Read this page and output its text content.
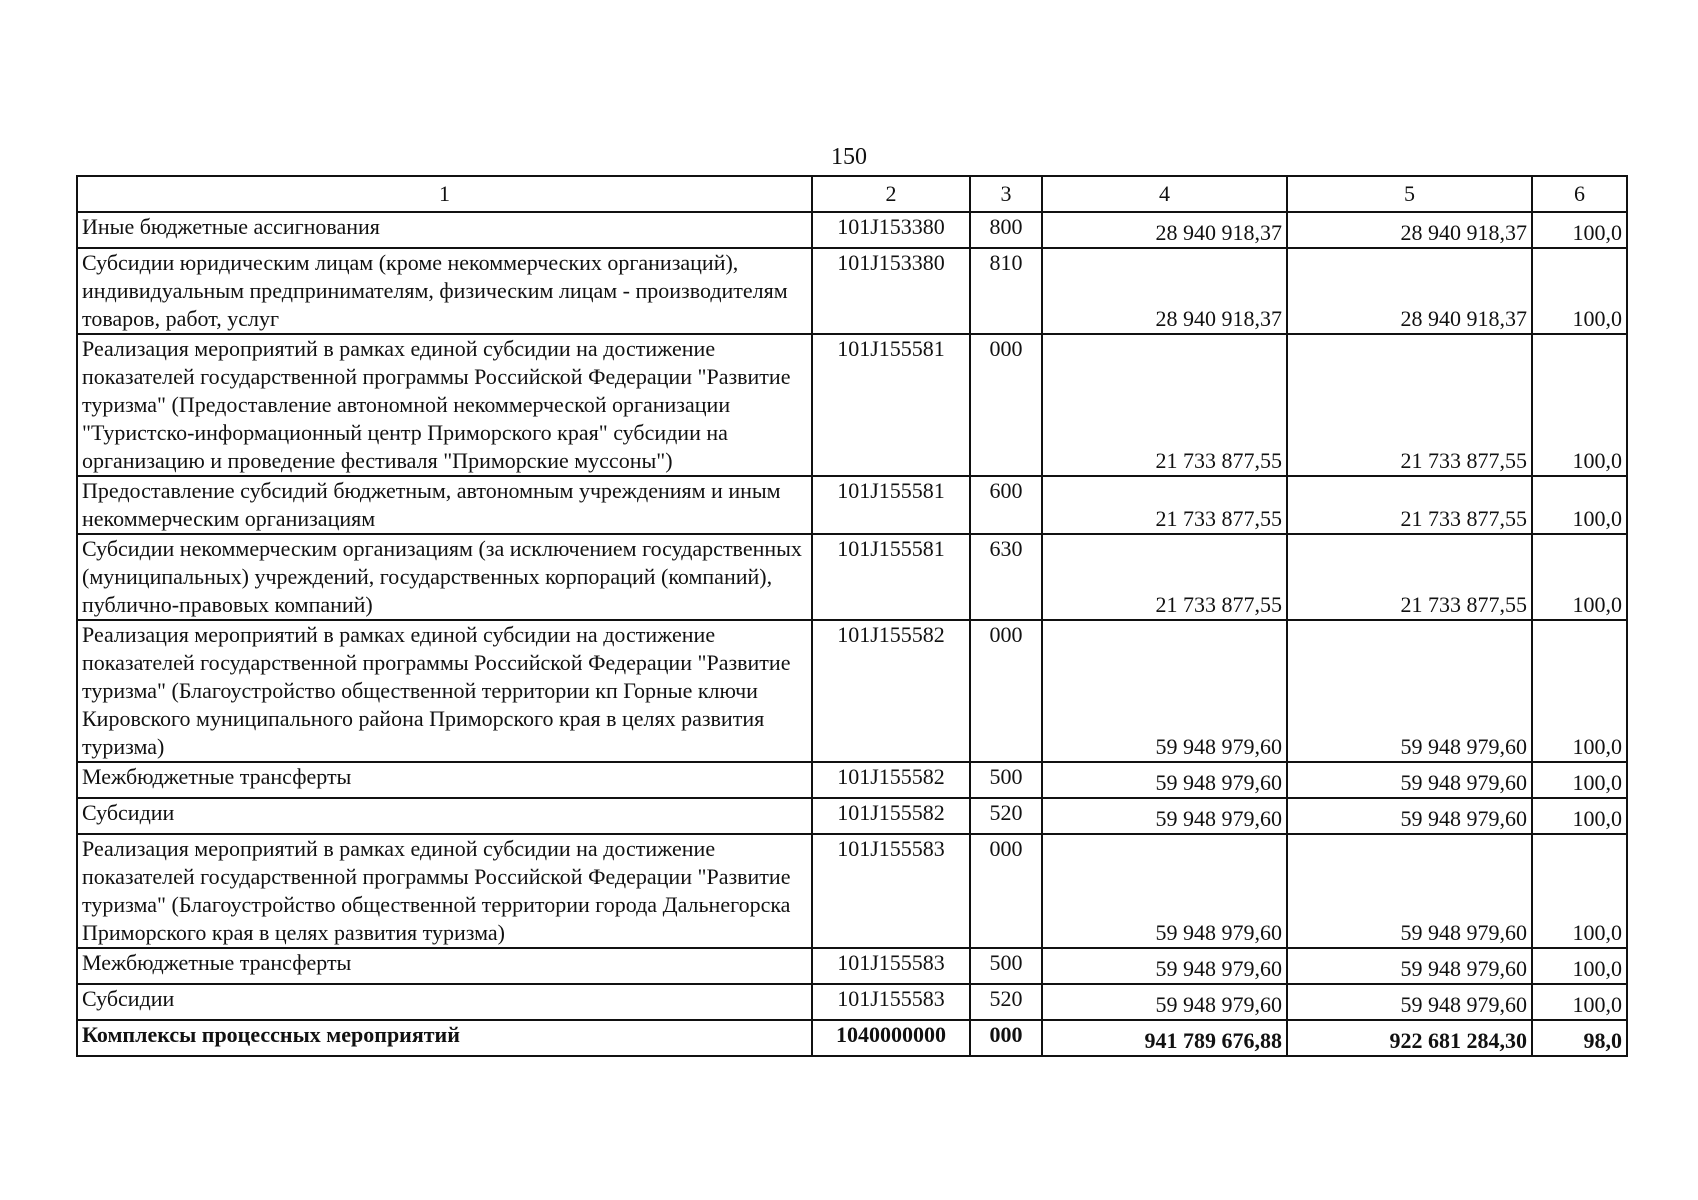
150
1	2	3	4	5	6
Иные бюджетные ассигнования	101J153380	800	28 940 918,37	28 940 918,37	100,0
Субсидии юридическим лицам (кроме некоммерческих организаций), индивидуальным предпринимателям, физическим лицам - производителям товаров, работ, услуг	101J153380	810	28 940 918,37	28 940 918,37	100,0
Реализация мероприятий в рамках единой субсидии на достижение показателей государственной программы Российской Федерации "Развитие туризма" (Предоставление автономной некоммерческой организации "Туристско-информационный центр Приморского края" субсидии на организацию и проведение фестиваля "Приморские муссоны")	101J155581	000	21 733 877,55	21 733 877,55	100,0
Предоставление субсидий бюджетным, автономным учреждениям и иным некоммерческим организациям	101J155581	600	21 733 877,55	21 733 877,55	100,0
Субсидии некоммерческим организациям (за исключением государственных (муниципальных) учреждений, государственных корпораций (компаний), публично-правовых компаний)	101J155581	630	21 733 877,55	21 733 877,55	100,0
Реализация мероприятий в рамках единой субсидии на достижение показателей государственной программы Российской Федерации "Развитие туризма" (Благоустройство общественной территории кп Горные ключи Кировского муниципального района Приморского края в целях развития туризма)	101J155582	000	59 948 979,60	59 948 979,60	100,0
Межбюджетные трансферты	101J155582	500	59 948 979,60	59 948 979,60	100,0
Субсидии	101J155582	520	59 948 979,60	59 948 979,60	100,0
Реализация мероприятий в рамках единой субсидии на достижение показателей государственной программы Российской Федерации "Развитие туризма" (Благоустройство общественной территории города Дальнегорска Приморского края в целях развития туризма)	101J155583	000	59 948 979,60	59 948 979,60	100,0
Межбюджетные трансферты	101J155583	500	59 948 979,60	59 948 979,60	100,0
Субсидии	101J155583	520	59 948 979,60	59 948 979,60	100,0
Комплексы процессных мероприятий	1040000000	000	941 789 676,88	922 681 284,30	98,0
